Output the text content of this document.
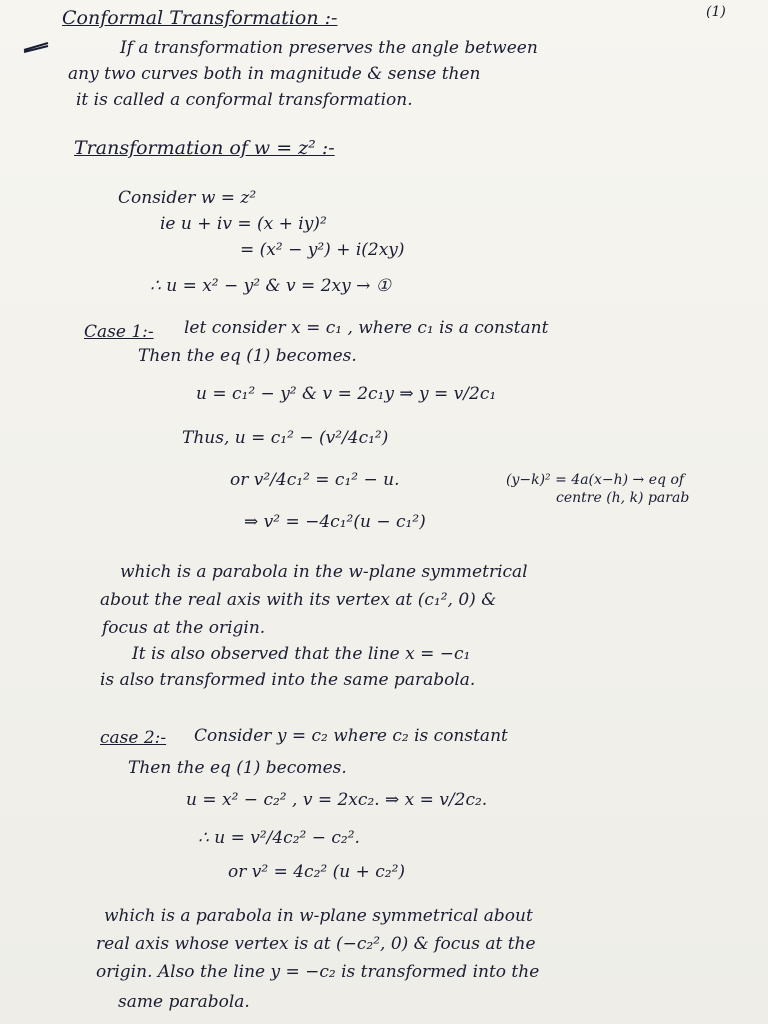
(1)
Conformal Transformation :-
If a transformation preserves the angle between
any two curves both in magnitude & sense then
it is called a conformal transformation.
Transformation of w = z² :-
Consider w = z²
ie u + iv = (x + iy)²
= (x² − y²) + i(2xy)
∴ u = x² − y² & v = 2xy → ①
Case 1:- let consider x = c₁ , where c₁ is a constant
Then the eq (1) becomes.
u = c₁² − y² & v = 2c₁y ⇒ y = v/2c₁
Thus, u = c₁² − (v²/4c₁²)
or v²/4c₁² = c₁² − u.
⇒ v² = −4c₁²(u − c₁²)
(y−k)² = 4a(x−h) → eq of
centre (h, k) parab
which is a parabola in the w-plane symmetrical
about the real axis with its vertex at (c₁², 0) &
focus at the origin.
It is also observed that the line x = −c₁
is also transformed into the same parabola.
case 2:- Consider y = c₂ where c₂ is constant
Then the eq (1) becomes.
u = x² − c₂² , v = 2xc₂. ⇒ x = v/2c₂.
∴ u = v²/4c₂² − c₂².
or v² = 4c₂² (u + c₂²)
which is a parabola in w-plane symmetrical about
real axis whose vertex is at (−c₂², 0) & focus at the
origin. Also the line y = −c₂ is transformed into the
same parabola.
